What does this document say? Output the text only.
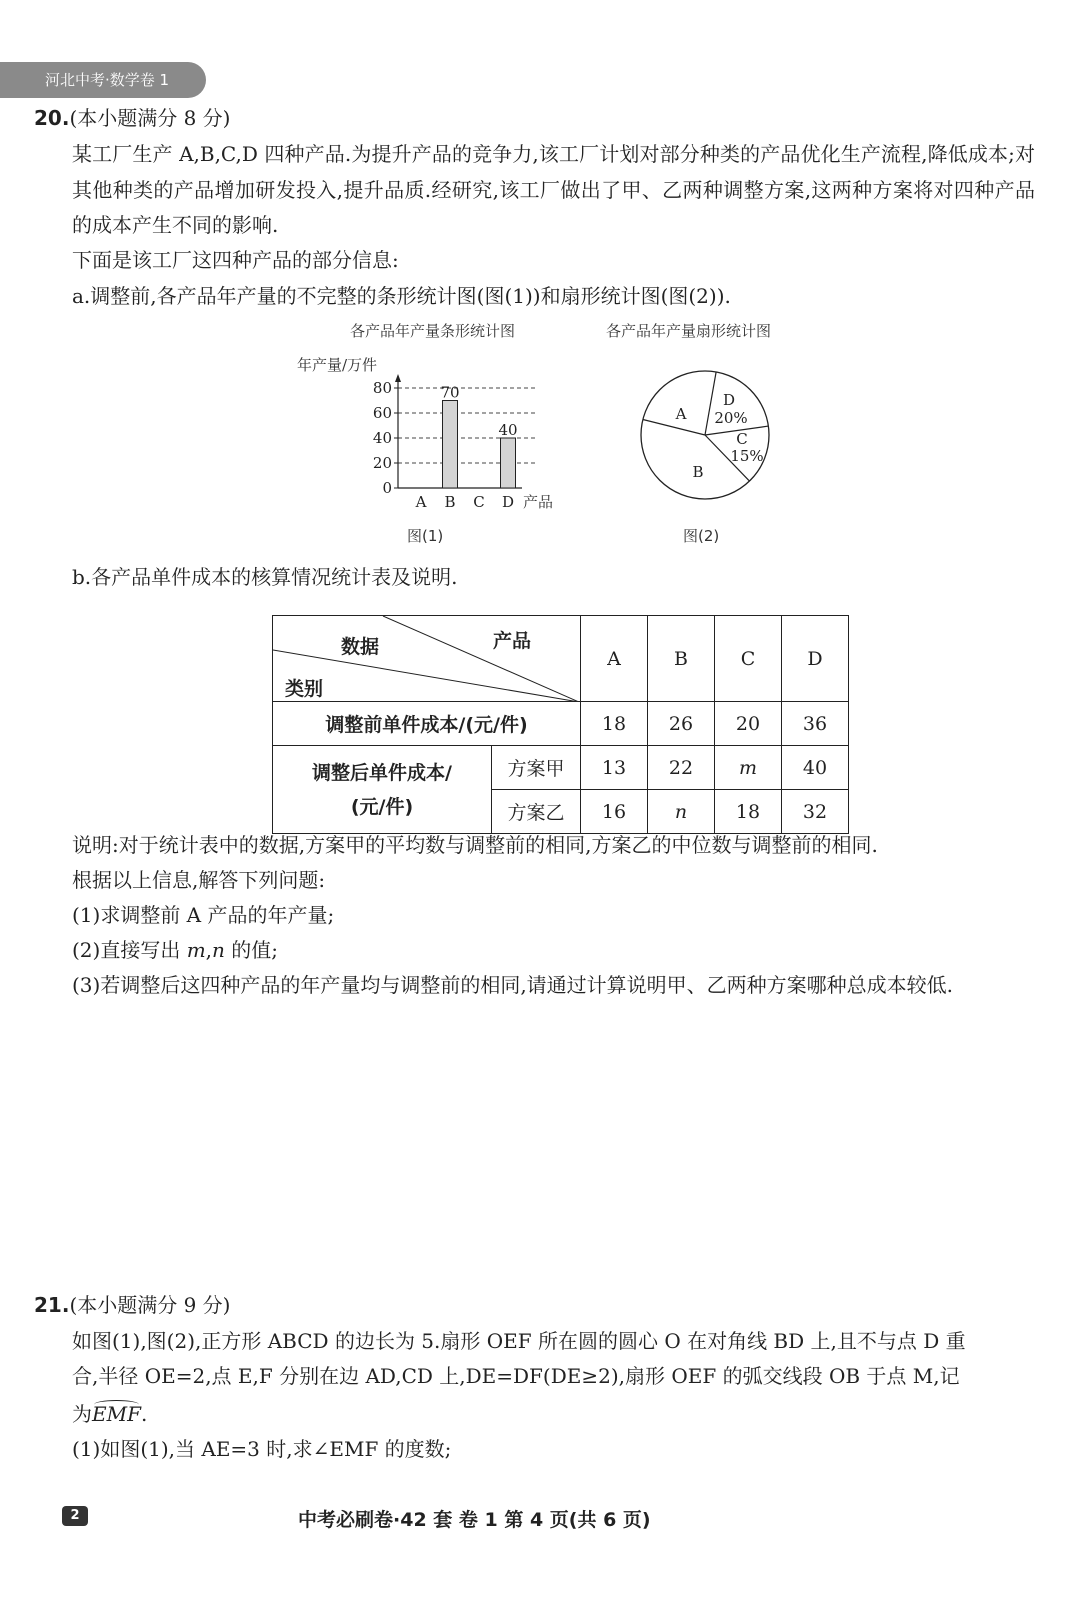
河北中考·数学卷 1
20.(本小题满分 8 分)
某工厂生产 A,B,C,D 四种产品.为提升产品的竞争力,该工厂计划对部分种类的产品优化生产流程,降低成本;对其他种类的产品增加研发投入,提升品质.经研究,该工厂做出了甲、乙两种调整方案,这两种方案将对四种产品的成本产生不同的影响.
下面是该工厂这四种产品的部分信息:
a.调整前,各产品年产量的不完整的条形统计图(图(1))和扇形统计图(图(2)).
各产品年产量条形统计图	各产品年产量扇形统计图
年产量/万件
0
20
40
60
80
A
70
B C
40
D 产品
图(1)
A
D
20%
C
15%
B
图(2)
b.各产品单件成本的核算情况统计表及说明.
产品
数据
类别		A	B	C	D
调整前单件成本/(元/件)		18	26	20	36

调整后单件成本/
(元/件)	方案甲	13	22	m	40
	方案乙	16	n	18	32
说明:对于统计表中的数据,方案甲的平均数与调整前的相同,方案乙的中位数与调整前的相同.
根据以上信息,解答下列问题:
(1)求调整前 A 产品的年产量;
(2)直接写出 m,n 的值;
(3)若调整后这四种产品的年产量均与调整前的相同,请通过计算说明甲、乙两种方案哪种总成本较低.
21.(本小题满分 9 分)
如图(1),图(2),正方形 ABCD 的边长为 5.扇形 OEF 所在圆的圆心 O 在对角线 BD 上,且不与点 D 重
合,半径 OE=2,点 E,F 分别在边 AD,CD 上,DE=DF(DE≥2),扇形 OEF 的弧交线段 OB 于点 M,记
为
EMF.
(1)如图(1),当 AE=3 时,求∠EMF 的度数;
2	中考必刷卷·42 套 卷 1 第 4 页(共 6 页)
